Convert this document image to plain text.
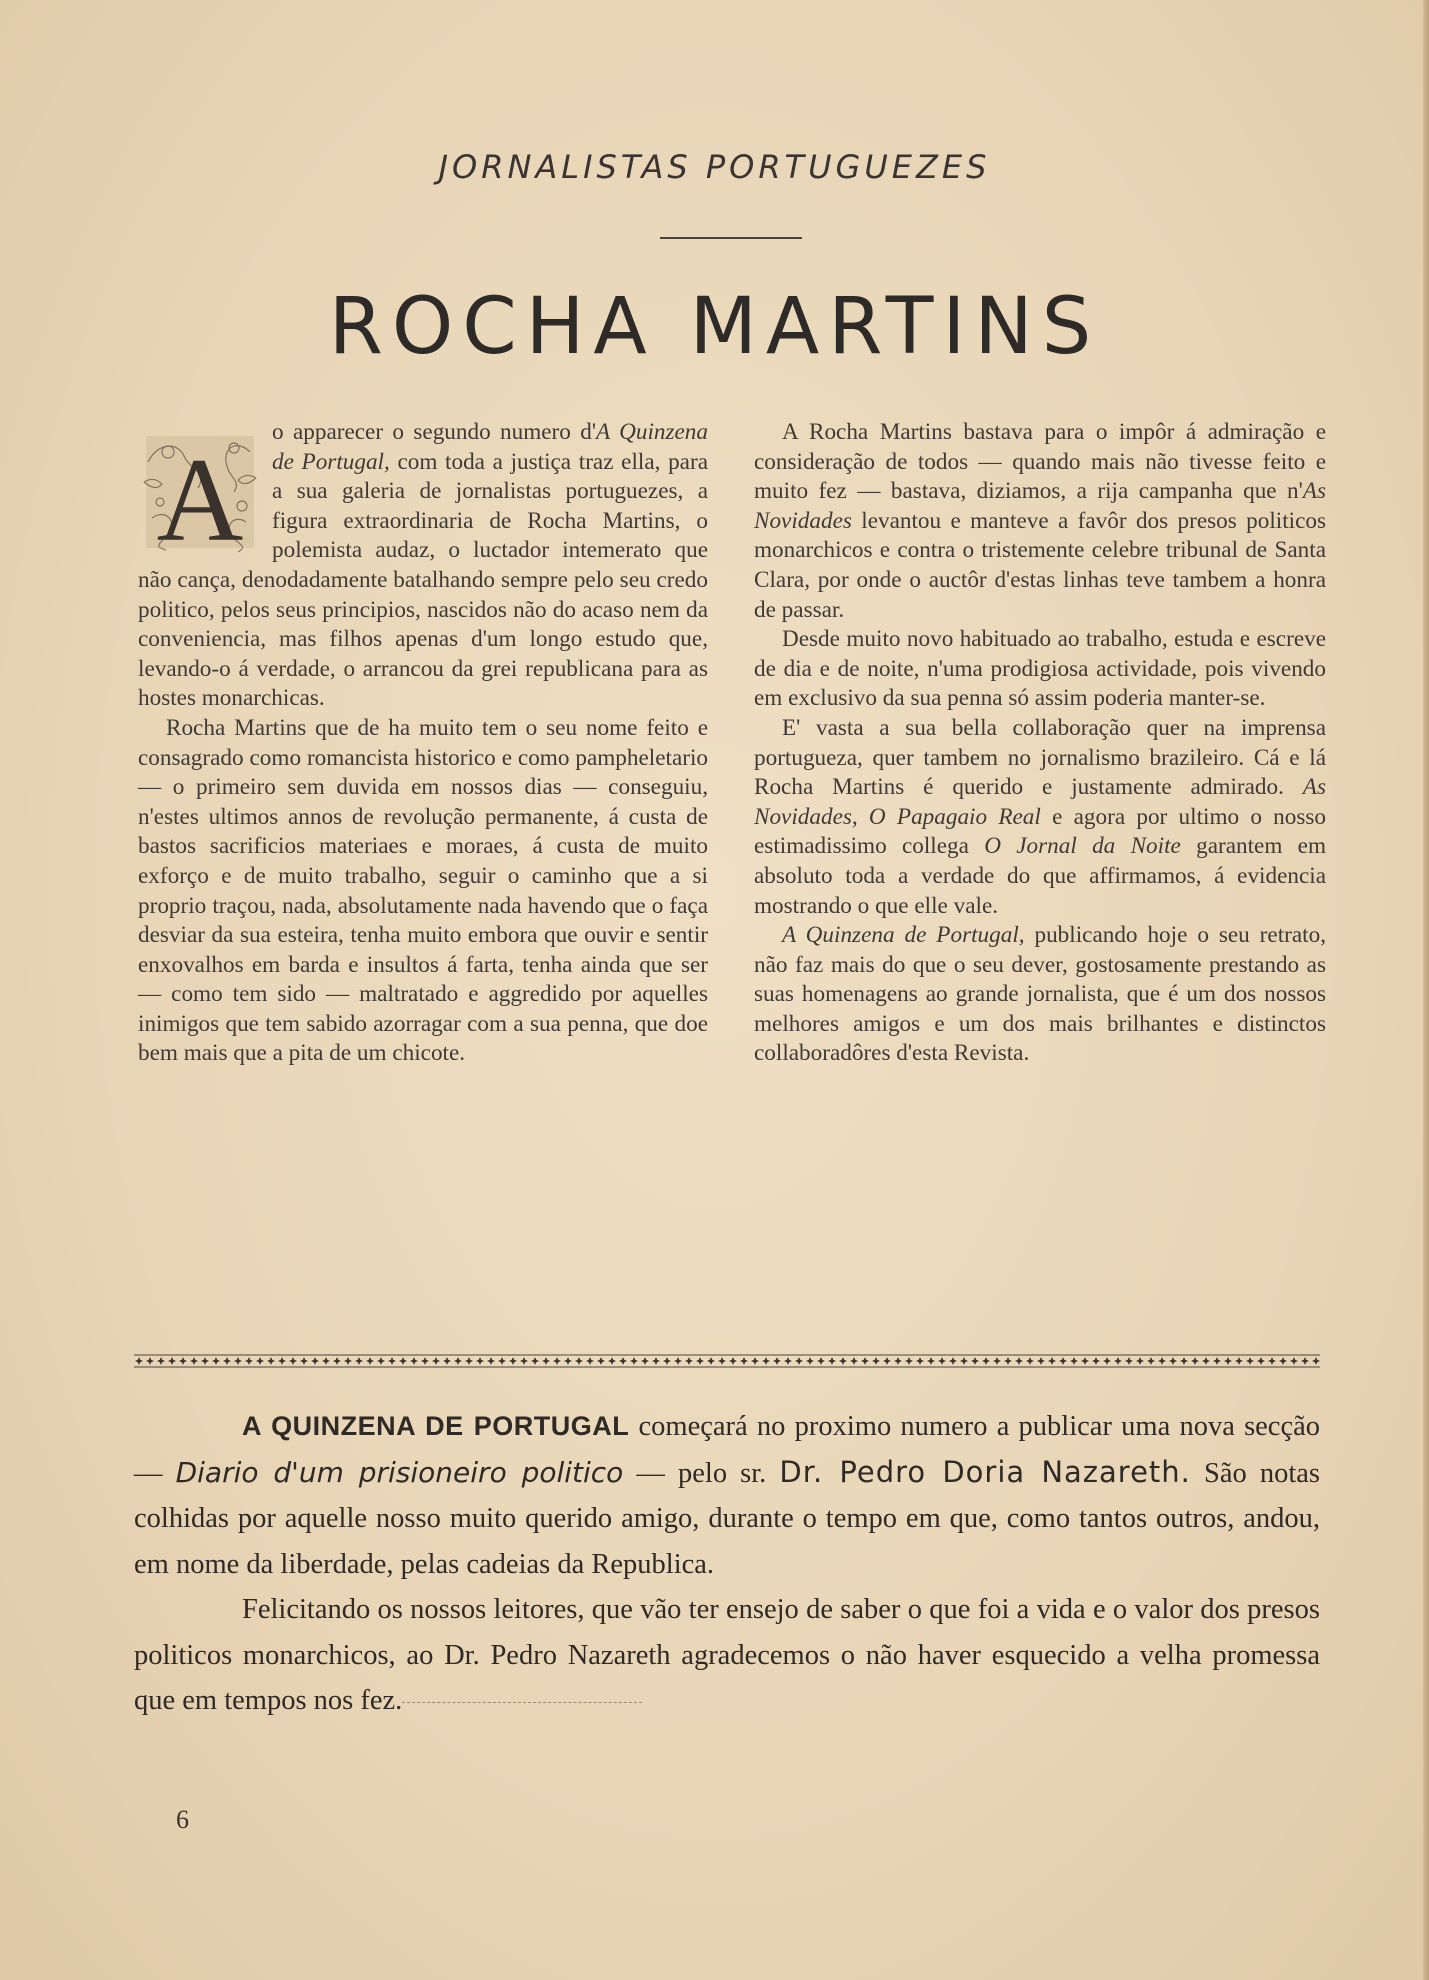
JORNALISTAS PORTUGUEZES
ROCHA MARTINS

A
o apparecer o segundo numero d'A Quinzena de Portugal, com toda a justiça traz ella, para a sua galeria de jornalistas portuguezes, a figura extraordinaria de Rocha Martins, o polemista audaz, o luctador intemerato que não cança, denodadamente batalhando sempre pelo seu credo politico, pelos seus principios, nascidos não do acaso nem da conveniencia, mas filhos apenas d'um longo estudo que, levando-o á verdade, o arrancou da grei republicana para as hostes monarchicas.

Rocha Martins que de ha muito tem o seu nome feito e consagrado como romancista historico e como pampheletario — o primeiro sem duvida em nossos dias — conseguiu, n'estes ultimos annos de revolução permanente, á custa de bastos sacrificios materiaes e moraes, á custa de muito exforço e de muito trabalho, seguir o caminho que a si proprio traçou, nada, absolutamente nada havendo que o faça desviar da sua esteira, tenha muito embora que ouvir e sentir enxovalhos em barda e insultos á farta, tenha ainda que ser — como tem sido — maltratado e aggredido por aquelles inimigos que tem sabido azorragar com a sua penna, que doe bem mais que a pita de um chicote.

A Rocha Martins bastava para o impôr á admiração e consideração de todos — quando mais não tivesse feito e muito fez — bastava, diziamos, a rija campanha que n'As Novidades levantou e manteve a favôr dos presos politicos monarchicos e contra o tristemente celebre tribunal de Santa Clara, por onde o auctôr d'estas linhas teve tambem a honra de passar.

Desde muito novo habituado ao trabalho, estuda e escreve de dia e de noite, n'uma prodigiosa actividade, pois vivendo em exclusivo da sua penna só assim poderia manter-se.

E' vasta a sua bella collaboração quer na imprensa portugueza, quer tambem no jornalismo brazileiro. Cá e lá Rocha Martins é querido e justamente admirado. As Novidades, O Papagaio Real e agora por ultimo o nosso estimadissimo collega O Jornal da Noite garantem em absoluto toda a verdade do que affirmamos, á evidencia mostrando o que elle vale.

A Quinzena de Portugal, publicando hoje o seu retrato, não faz mais do que o seu dever, gostosamente prestando as suas homenagens ao grande jornalista, que é um dos nossos melhores amigos e um dos mais brilhantes e distinctos collaboradôres d'esta Revista.

A QUINZENA DE PORTUGAL começará no proximo numero a publicar uma nova secção — Diario d'um prisioneiro politico — pelo sr. Dr. Pedro Doria Nazareth. São notas colhidas por aquelle nosso muito querido amigo, durante o tempo em que, como tantos outros, andou, em nome da liberdade, pelas cadeias da Republica.

Felicitando os nossos leitores, que vão ter ensejo de saber o que foi a vida e o valor dos presos politicos monarchicos, ao Dr. Pedro Nazareth agradecemos o não haver esquecido a velha promessa que em tempos nos fez.

6
